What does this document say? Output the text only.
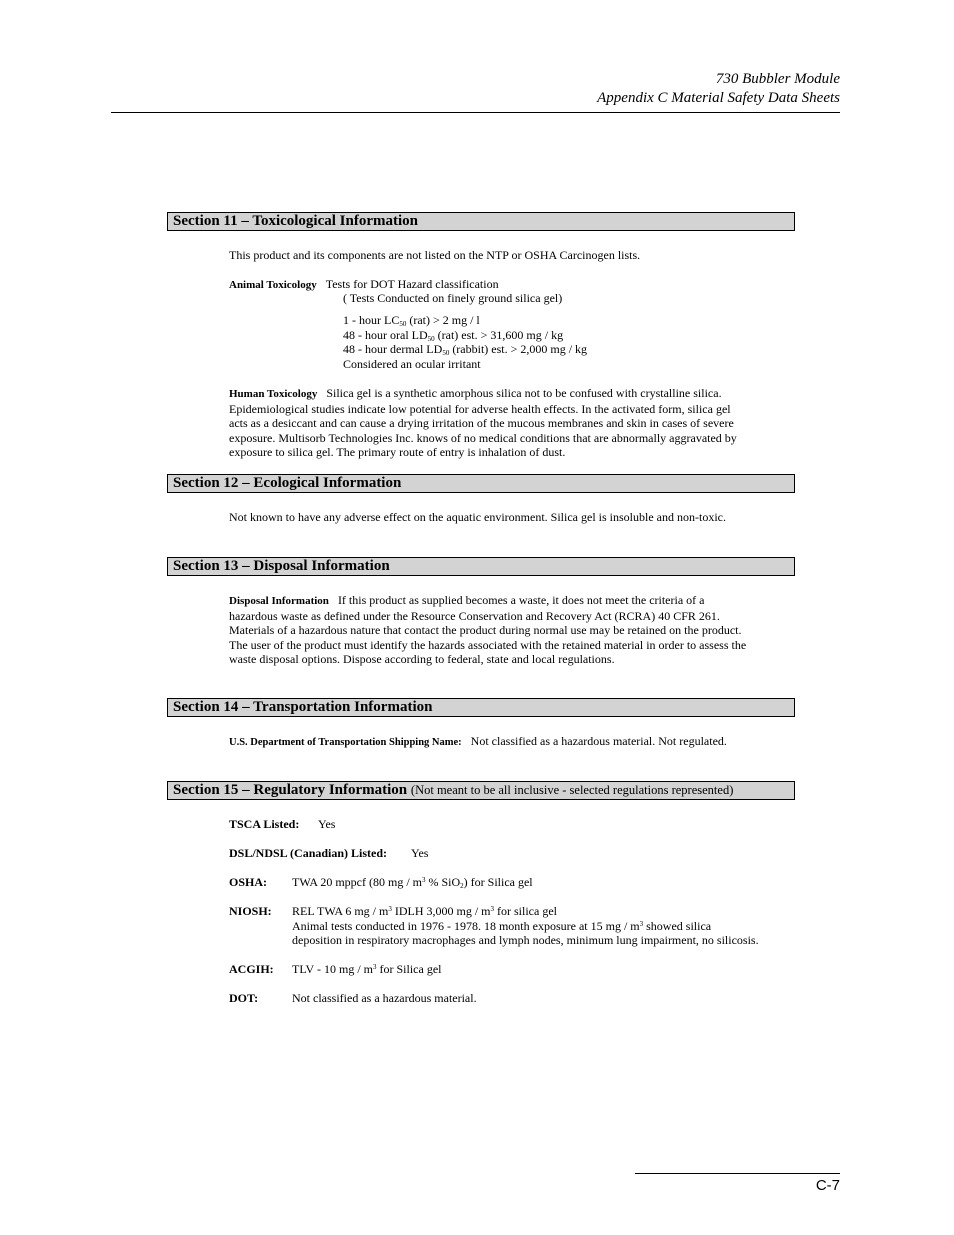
730 Bubbler Module
Appendix C Material Safety Data Sheets
Section 11 – Toxicological Information
This product and its components are not listed on the NTP or OSHA Carcinogen lists.
Animal Toxicology Tests for DOT Hazard classification
( Tests Conducted on finely ground silica gel)
1 - hour $LC_{50}$ (rat) > 2 mg / l
48 - hour oral $LD_{50}$ (rat) est. > 31,600 mg / kg
48 - hour dermal $LD_{50}$ (rabbit) est. > 2,000 mg / kg
Considered an ocular irritant
Human Toxicology Silica gel is a synthetic amorphous silica not to be confused with crystalline silica.
Epidemiological studies indicate low potential for adverse health effects. In the activated form, silica gel
acts as a desiccant and can cause a drying irritation of the mucous membranes and skin in cases of severe
exposure. Multisorb Technologies Inc. knows of no medical conditions that are abnormally aggravated by
exposure to silica gel. The primary route of entry is inhalation of dust.
Section 12 – Ecological Information
Not known to have any adverse effect on the aquatic environment. Silica gel is insoluble and non-toxic.
Section 13 – Disposal Information
Disposal Information If this product as supplied becomes a waste, it does not meet the criteria of a
hazardous waste as defined under the Resource Conservation and Recovery Act (RCRA) 40 CFR 261.
Materials of a hazardous nature that contact the product during normal use may be retained on the product.
The user of the product must identify the hazards associated with the retained material in order to assess the
waste disposal options. Dispose according to federal, state and local regulations.
Section 14 – Transportation Information
U.S. Department of Transportation Shipping Name: Not classified as a hazardous material. Not regulated.
Section 15 – Regulatory Information (Not meant to be all inclusive - selected regulations represented)
TSCA Listed: Yes
DSL/NDSL (Canadian) Listed: Yes
OSHA: TWA 20 mppcf (80 mg / $m^3$ % SiO$_2$) for Silica gel
NIOSH: REL TWA 6 mg / $m^3$ IDLH 3,000 mg / $m^3$ for silica gel
Animal tests conducted in 1976 - 1978. 18 month exposure at 15 mg / $m^3$ showed silica
deposition in respiratory macrophages and lymph nodes, minimum lung impairment, no silicosis.
ACGIH: TLV - 10 mg / $m^3$ for Silica gel
DOT:	Not classified as a hazardous material.
C-7
